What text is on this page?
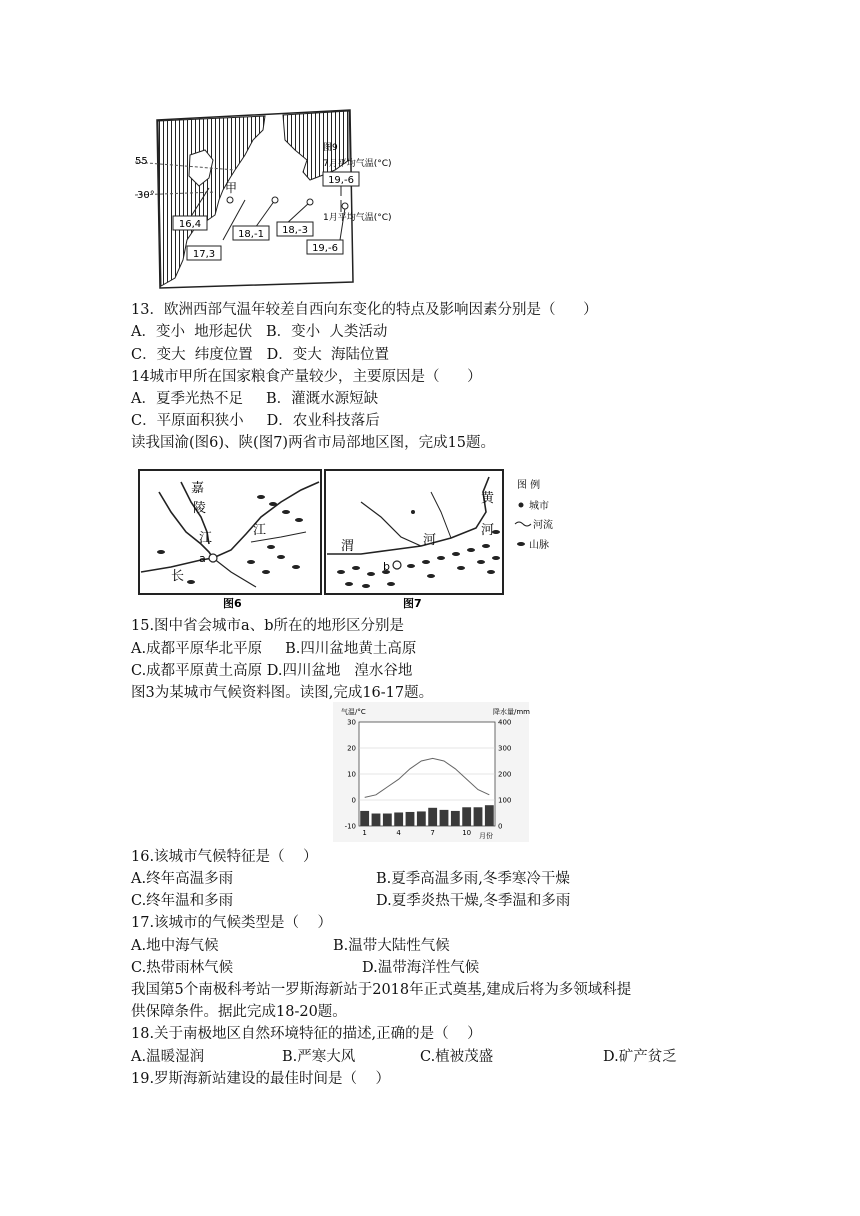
16,4
17,3
18,-1 18,-3
19,-6
19,-6
甲
55
30°
图9
7月平均气温(°C)
1月平均气温(°C)
13．欧洲西部气温年较差自西向东变化的特点及影响因素分别是（      ）
A．变小  地形起伏   B．变小  人类活动
C．变大  纬度位置   D．变大  海陆位置
14城市甲所在国家粮食产量较少，主要原因是（      ）
A．夏季光热不足     B．灌溉水源短缺
C．平原面积狭小     D．农业科技落后
读我国渝(图6)、陕(图7)两省市局部地区图，完成15题。
嘉
陵
江
江
长
a
黄
河
渭	河
b
图 例
城市
河流
山脉
图6	图7
15.图中省会城市a、b所在的地形区分别是
A.成都平原华北平原     B.四川盆地黄土高原
C.成都平原黄土高原 D.四川盆地   湟水谷地
图3为某城市气候资料图。读图,完成16-17题。
气温/°C	降水量/mm
30
20
10
0
-10
400
300
200
100
0
1	4	7	10 月份
16.该城市气候特征是（    ）
A.终年高温多雨	B.夏季高温多雨,冬季寒冷干燥
C.终年温和多雨	D.夏季炎热干燥,冬季温和多雨
17.该城市的气候类型是（    ）
A.地中海气候	B.温带大陆性气候
C.热带雨林气候	D.温带海洋性气候
我国第5个南极科考站一罗斯海新站于2018年正式奠基,建成后将为多领域科提
供保障条件。据此完成18-20题。
18.关于南极地区自然环境特征的描述,正确的是（    ）
A.温暖湿润	B.严寒大风	C.植被茂盛	D.矿产贫乏
19.罗斯海新站建设的最佳时间是（    ）
